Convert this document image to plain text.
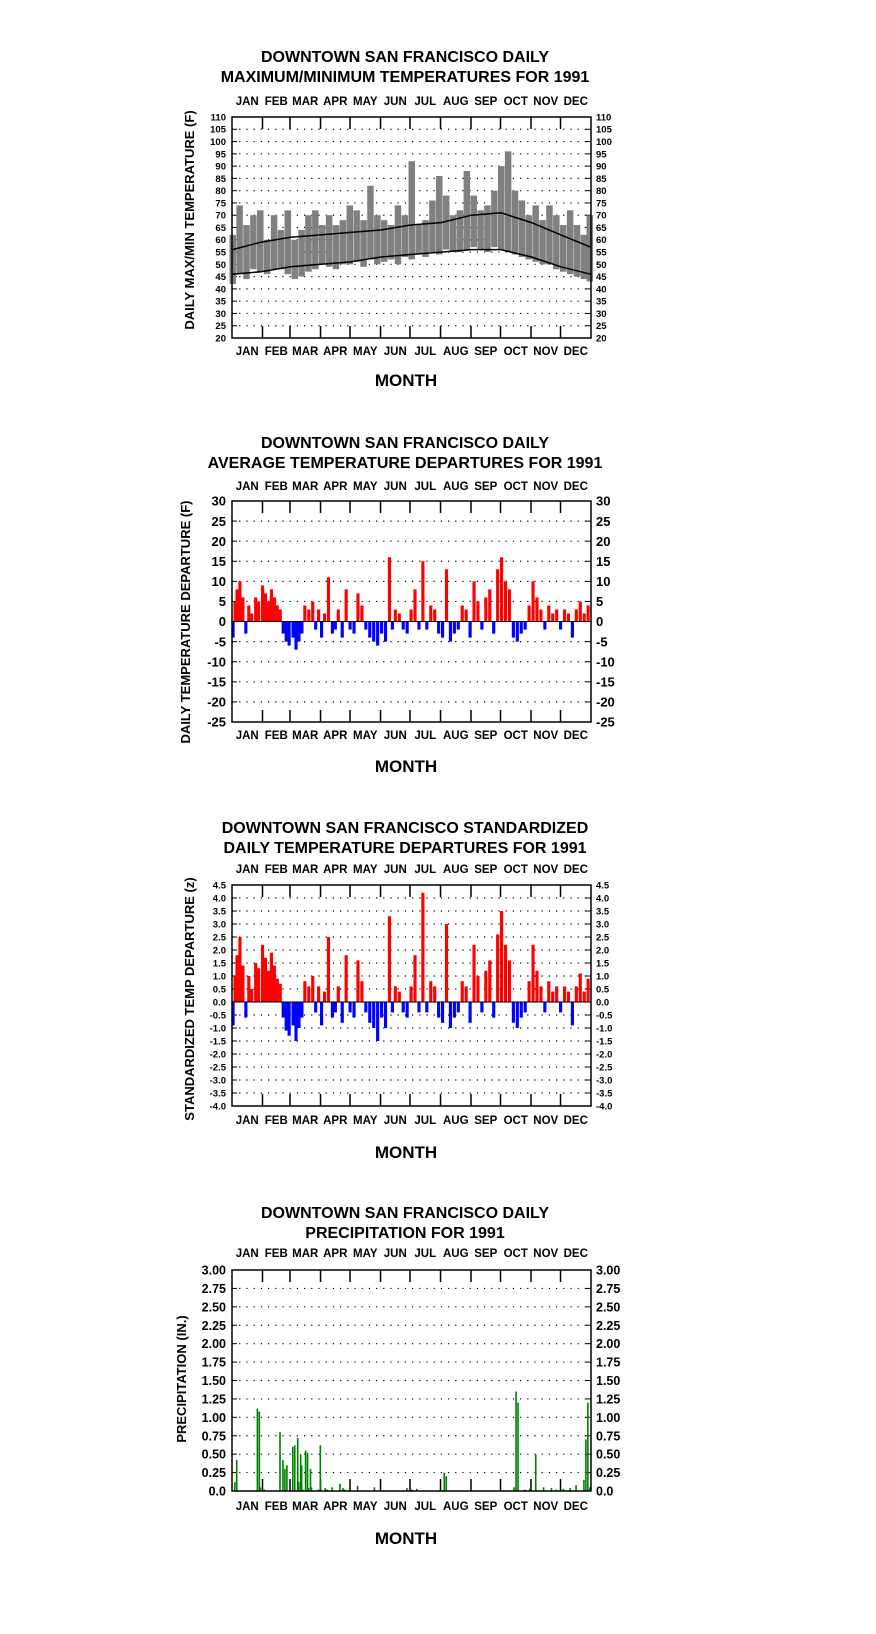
DOWNTOWN SAN FRANCISCO DAILY
MAXIMUM/MINIMUM TEMPERATURES FOR 1991
DAILY MAX/MIN TEMPERATURE (F)
MONTH
DOWNTOWN SAN FRANCISCO DAILY
AVERAGE TEMPERATURE DEPARTURES FOR 1991
DAILY TEMPERATURE DEPARTURE (F)
MONTH
DOWNTOWN SAN FRANCISCO STANDARDIZED
DAILY TEMPERATURE DEPARTURES FOR 1991
STANDARDIZED TEMP DEPARTURE (z)
MONTH
DOWNTOWN SAN FRANCISCO DAILY
PRECIPITATION FOR 1991
PRECIPITATION (IN.)
MONTH
20	20
25	25
30	30
35	35
40	40
45	45
50	50
55	55
60	60
65	65
70	70
75	75
80	80
85	85
90	90
95	95
100	100
105	105
110	110
JAN
JAN
FEB
FEB
MAR
MAR
APR
APR
MAY
MAY
JUN
JUN
JUL
JUL
AUG
AUG
SEP
SEP
OCT
OCT
NOV
NOV
DEC
DEC
-25	-25
-20	-20
-15	-15
-10	-10
-5	-5
0	0
5	5
10	10
15	15
20	20
25	25
30	30
JAN
JAN
FEB
FEB
MAR
MAR
APR
APR
MAY
MAY
JUN
JUN
JUL
JUL
AUG
AUG
SEP
SEP
OCT
OCT
NOV
NOV
DEC
DEC
-4.0	-4.0
-3.5	-3.5
-3.0	-3.0
-2.5	-2.5
-2.0	-2.0
-1.5	-1.5
-1.0	-1.0
-0.5	-0.5
0.0	0.0
0.5	0.5
1.0	1.0
1.5	1.5
2.0	2.0
2.5	2.5
3.0	3.0
3.5	3.5
4.0	4.0
4.5	4.5
JAN
JAN
FEB
FEB
MAR
MAR
APR
APR
MAY
MAY
JUN
JUN
JUL
JUL
AUG
AUG
SEP
SEP
OCT
OCT
NOV
NOV
DEC
DEC
0.0	0.0
0.25	0.25
0.50	0.50
0.75	0.75
1.00	1.00
1.25	1.25
1.50	1.50
1.75	1.75
2.00	2.00
2.25	2.25
2.50	2.50
2.75	2.75
3.00	3.00
JAN
JAN
FEB
FEB
MAR
MAR
APR
APR
MAY
MAY
JUN
JUN
JUL
JUL
AUG
AUG
SEP
SEP
OCT
OCT
NOV
NOV
DEC
DEC
